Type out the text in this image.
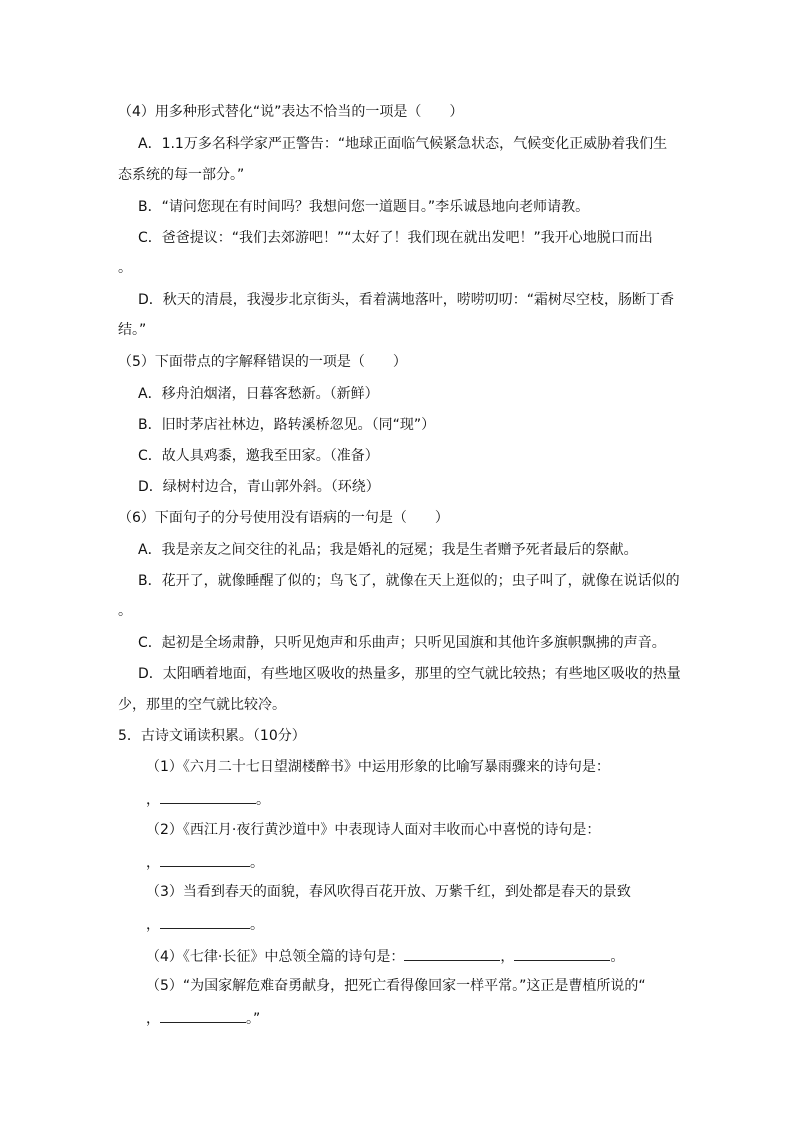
（4）用多种形式替化“说”表达不恰当的一项是（　　）
A．1.1万多名科学家严正警告：“地球正面临气候紧急状态，气候变化正威胁着我们生
态系统的每一部分。”
B．“请问您现在有时间吗？我想问您一道题目。”李乐诚恳地向老师请教。
C．爸爸提议：“我们去郊游吧！”“太好了！我们现在就出发吧！”我开心地脱口而出
。
D．秋天的清晨，我漫步北京街头，看着满地落叶，唠唠叨叨：“霜树尽空枝，肠断丁香
结。”
（5）下面带点的字解释错误的一项是（　　）
A．移舟泊烟渚，日暮客愁新。（新鲜）
B．旧时茅店社林边，路转溪桥忽见。（同“现”）
C．故人具鸡黍，邀我至田家。（准备）
D．绿树村边合，青山郭外斜。（环绕）
（6）下面句子的分号使用没有语病的一句是（　　）
A．我是亲友之间交往的礼品；我是婚礼的冠冕；我是生者赠予死者最后的祭献。
B．花开了，就像睡醒了似的；鸟飞了，就像在天上逛似的；虫子叫了，就像在说话似的
。
C．起初是全场肃静，只听见炮声和乐曲声；只听见国旗和其他许多旗帜飘拂的声音。
D．太阳晒着地面，有些地区吸收的热量多，那里的空气就比较热；有些地区吸收的热量
少，那里的空气就比较冷。
5．古诗文诵读积累。（10分）
（1）《六月二十七日望湖楼醉书》中运用形象的比喻写暴雨骤来的诗句是：
，	。
（2）《西江月·夜行黄沙道中》中表现诗人面对丰收而心中喜悦的诗句是：
，	。
（3）当看到春天的面貌，春风吹得百花开放、万紫千红，到处都是春天的景致
，	。
（4）《七律·长征》中总领全篇的诗句是：	，	。
（5）“为国家解危难奋勇献身，把死亡看得像回家一样平常。”这正是曹植所说的“
，	。”
